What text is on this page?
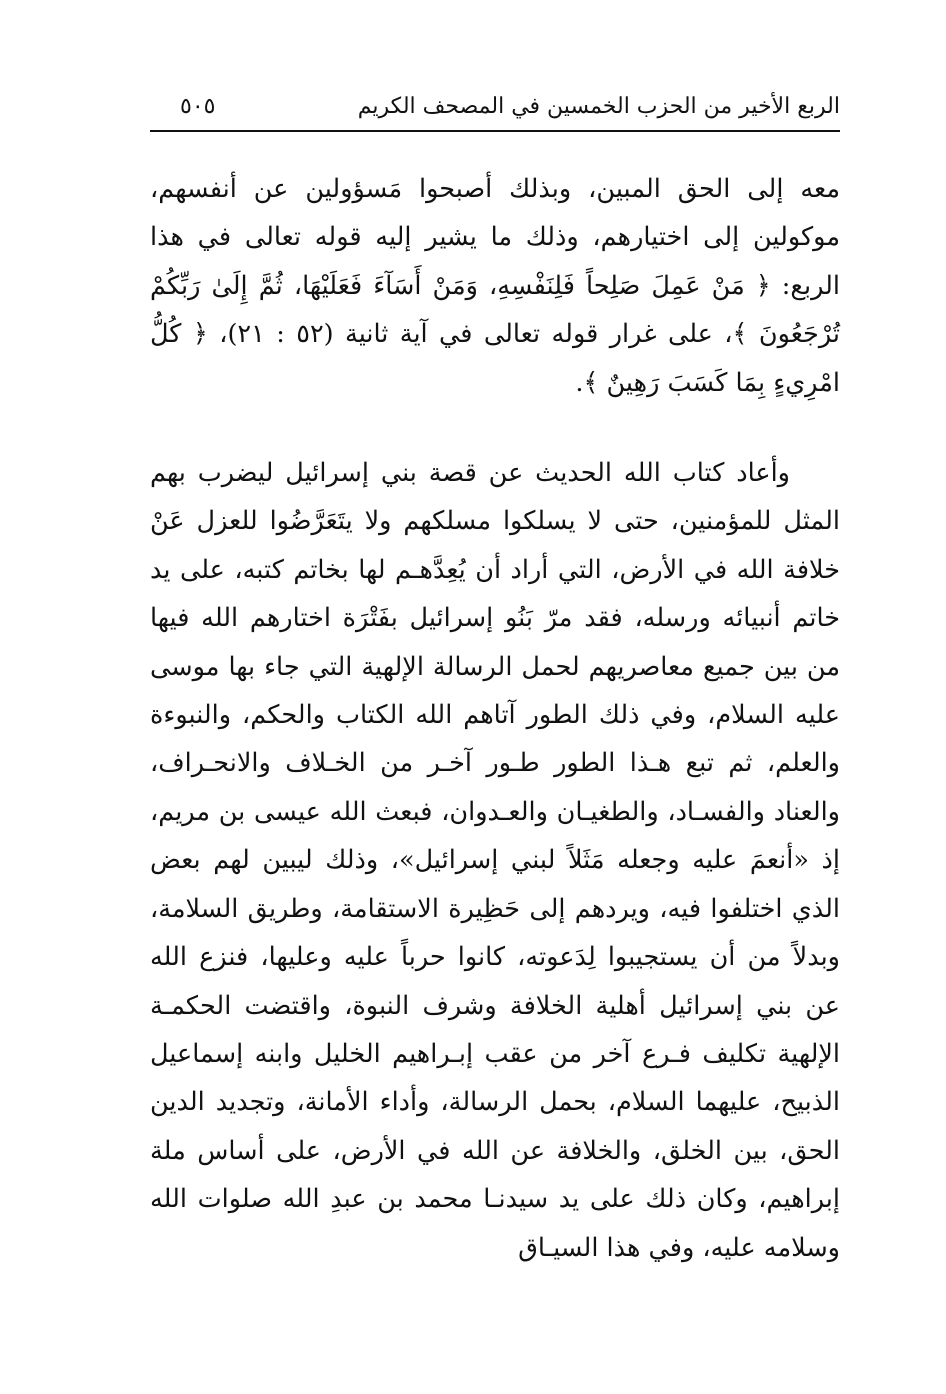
الربع الأخير من الحزب الخمسين في المصحف الكريم
٥٠٥

معه إلى الحق المبين، وبذلك أصبحوا مَسؤولين عن أنفسهم، موكولين إلى اختيارهم، وذلك ما يشير إليه قوله تعالى في هذا الربع: ﴿ مَنْ عَمِلَ صَلِحاً فَلِنَفْسِهِ، وَمَنْ أَسَآءَ فَعَلَيْهَا، ثُمَّ إِلَىٰ رَبِّكُمْ تُرْجَعُونَ ﴾، على غرار قوله تعالى في آية ثانية (٥٢ : ٢١)، ﴿ كُلُّ امْرِيءٍ بِمَا كَسَبَ رَهِينٌ ﴾.

وأعاد كتاب الله الحديث عن قصة بني إسرائيل ليضرب بهم المثل للمؤمنين، حتى لا يسلكوا مسلكهم ولا يتَعَرَّضُوا للعزل عَنْ خلافة الله في الأرض، التي أراد أن يُعِدَّهـم لها بخاتم كتبه، على يد خاتم أنبيائه ورسله، فقد مرّ بَنُو إسرائيل بفَتْرَة اختارهم الله فيها من بين جميع معاصريهم لحمل الرسالة الإلهية التي جاء بها موسى عليه السلام، وفي ذلك الطور آتاهم الله الكتاب والحكم، والنبوءة والعلم، ثم تبع هـذا الطور طـور آخـر من الخـلاف والانحـراف، والعناد والفسـاد، والطغيـان والعـدوان، فبعث الله عيسى بن مريم، إذ «أنعمَ عليه وجعله مَثَلاً لبني إسرائيل»، وذلك ليبين لهم بعض الذي اختلفوا فيه، ويردهم إلى حَظِيرة الاستقامة، وطريق السلامة، وبدلاً من أن يستجيبوا لِدَعوته، كانوا حرباً عليه وعليها، فنزع الله عن بني إسرائيل أهلية الخلافة وشرف النبوة، واقتضت الحكمـة الإلهية تكليف فـرع آخر من عقب إبـراهيم الخليل وابنه إسماعيل الذبيح، عليهما السلام، بحمل الرسالة، وأداء الأمانة، وتجديد الدين الحق، بين الخلق، والخلافة عن الله في الأرض، على أساس ملة إبراهيم، وكان ذلك على يد سيدنـا محمد بن عبدِ الله صلوات الله وسلامه عليه، وفي هذا السيـاق
